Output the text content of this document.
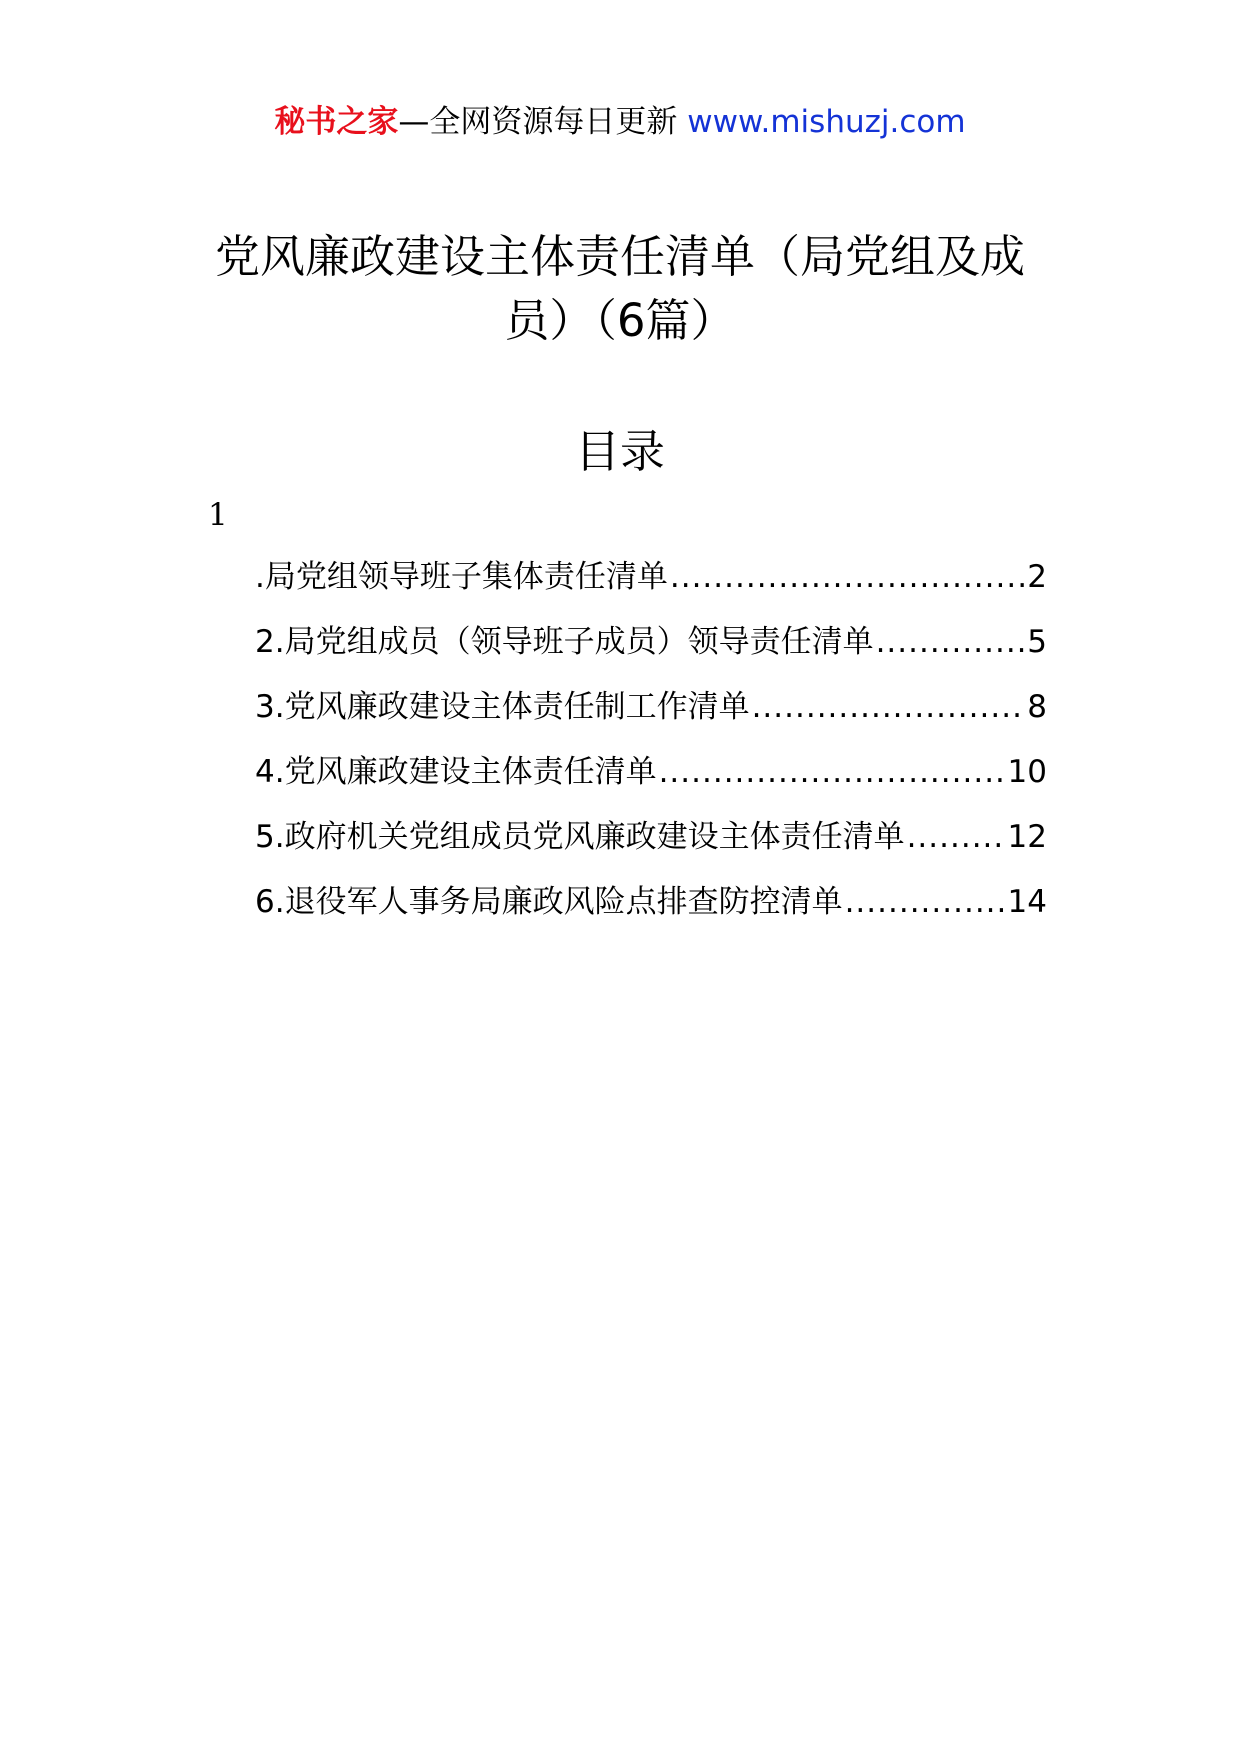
秘书之家—全网资源每日更新 www.mishuzj.com
党风廉政建设主体责任清单（局党组及成
员）（6篇）
目录
1
.局党组领导班子集体责任清单 .....	2
2.局党组成员（领导班子成员）领导责任清单 .....	5
3.党风廉政建设主体责任制工作清单 .....	8
4.党风廉政建设主体责任清单 .....	10
5.政府机关党组成员党风廉政建设主体责任清单 .....	12
6.退役军人事务局廉政风险点排查防控清单 .....	14
